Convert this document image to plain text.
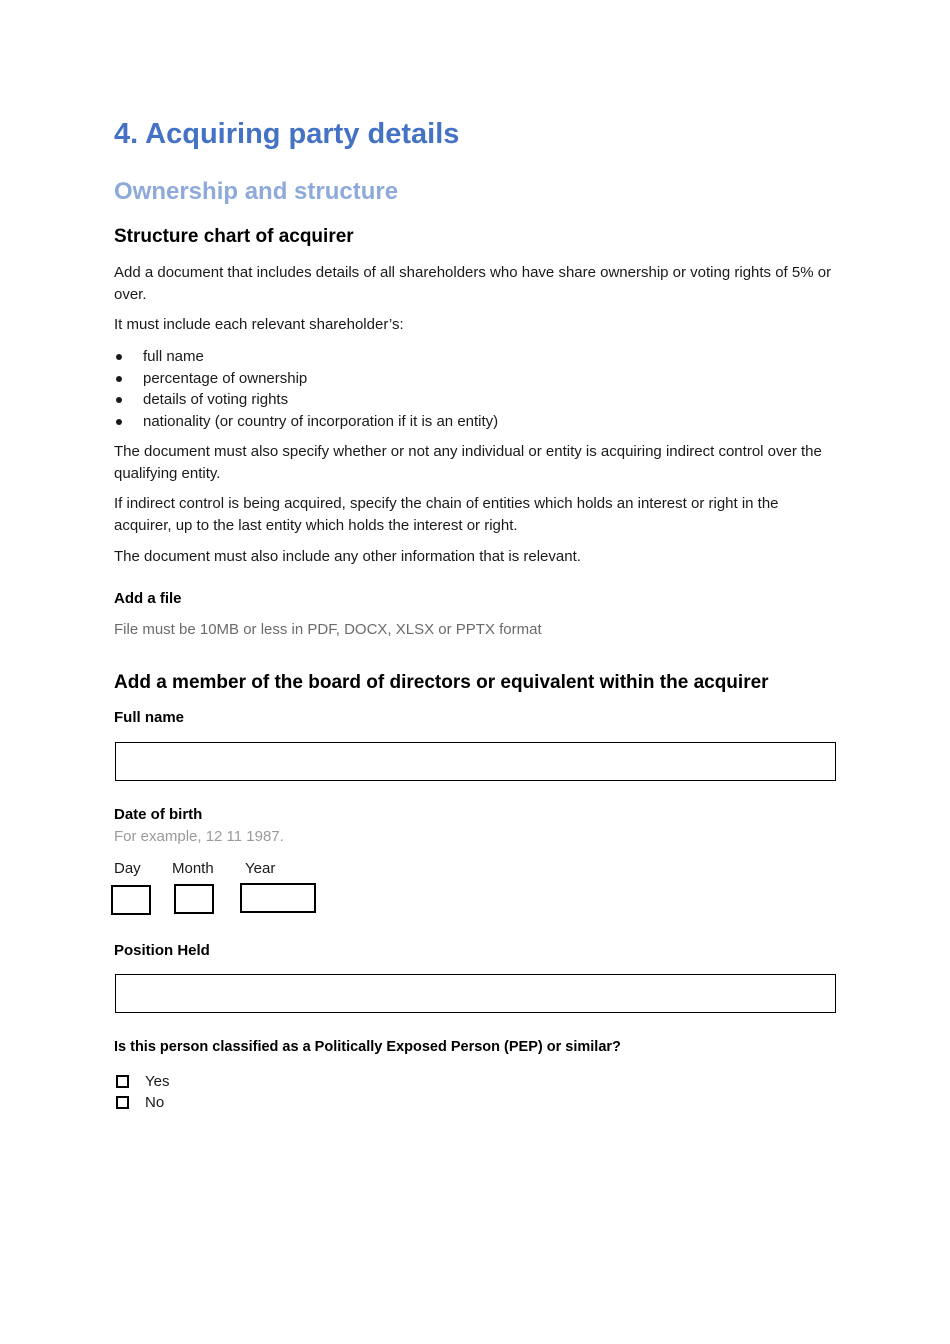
4. Acquiring party details
Ownership and structure
Structure chart of acquirer

Add a document that includes details of all shareholders who have share ownership or voting rights of 5% or over.

It must include each relevant shareholder’s:

full name
percentage of ownership
details of voting rights
nationality (or country of incorporation if it is an entity)

The document must also specify whether or not any individual or entity is acquiring indirect control over the qualifying entity.

If indirect control is being acquired, specify the chain of entities which holds an interest or right in the acquirer, up to the last entity which holds the interest or right.

The document must also include any other information that is relevant.

Add a file
File must be 10MB or less in PDF, DOCX, XLSX or PPTX format
Add a member of the board of directors or equivalent within the acquirer
Full name
Date of birth
For example, 12 11 1987.
Day Month Year
Position Held
Is this person classified as a Politically Exposed Person (PEP) or similar?
Yes
No
